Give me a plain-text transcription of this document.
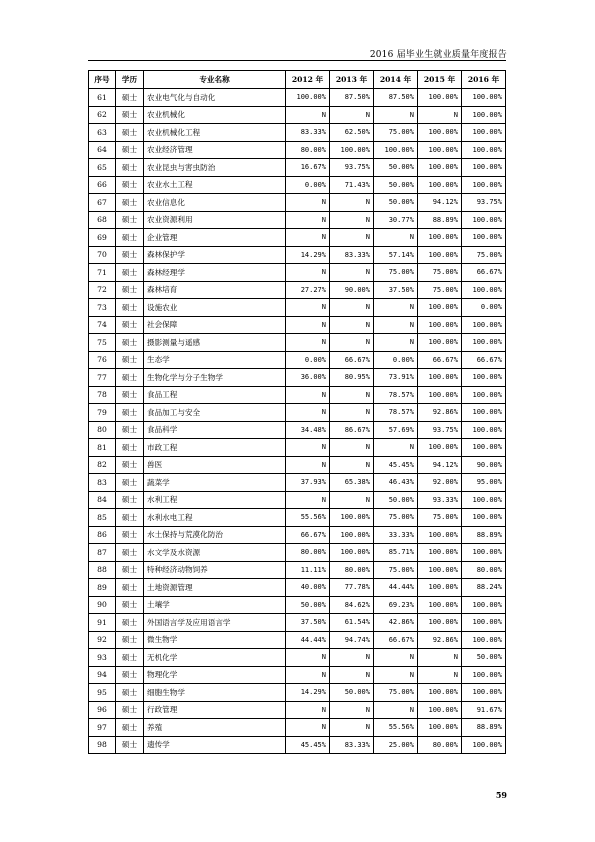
2016 届毕业生就业质量年度报告
序号	学历	专业名称	2012 年	2013 年	2014 年	2015 年	2016 年
61	硕士	农业电气化与自动化	100.00%	87.50%	87.50%	100.00%	100.00%
62	硕士	农业机械化	N	N	N	N	100.00%
63	硕士	农业机械化工程	83.33%	62.50%	75.00%	100.00%	100.00%
64	硕士	农业经济管理	80.00%	100.00%	100.00%	100.00%	100.00%
65	硕士	农业昆虫与害虫防治	16.67%	93.75%	50.00%	100.00%	100.00%
66	硕士	农业水土工程	0.00%	71.43%	50.00%	100.00%	100.00%
67	硕士	农业信息化	N	N	50.00%	94.12%	93.75%
68	硕士	农业资源利用	N	N	30.77%	88.89%	100.00%
69	硕士	企业管理	N	N	N	100.00%	100.00%
70	硕士	森林保护学	14.29%	83.33%	57.14%	100.00%	75.00%
71	硕士	森林经理学	N	N	75.00%	75.00%	66.67%
72	硕士	森林培育	27.27%	90.00%	37.50%	75.00%	100.00%
73	硕士	设施农业	N	N	N	100.00%	0.00%
74	硕士	社会保障	N	N	N	100.00%	100.00%
75	硕士	摄影测量与遥感	N	N	N	100.00%	100.00%
76	硕士	生态学	0.00%	66.67%	0.00%	66.67%	66.67%
77	硕士	生物化学与分子生物学	36.00%	80.95%	73.91%	100.00%	100.00%
78	硕士	食品工程	N	N	78.57%	100.00%	100.00%
79	硕士	食品加工与安全	N	N	78.57%	92.86%	100.00%
80	硕士	食品科学	34.48%	86.67%	57.69%	93.75%	100.00%
81	硕士	市政工程	N	N	N	100.00%	100.00%
82	硕士	兽医	N	N	45.45%	94.12%	90.00%
83	硕士	蔬菜学	37.93%	65.38%	46.43%	92.00%	95.00%
84	硕士	水利工程	N	N	50.00%	93.33%	100.00%
85	硕士	水利水电工程	55.56%	100.00%	75.00%	75.00%	100.00%
86	硕士	水土保持与荒漠化防治	66.67%	100.00%	33.33%	100.00%	88.89%
87	硕士	水文学及水资源	80.00%	100.00%	85.71%	100.00%	100.00%
88	硕士	特种经济动物饲养	11.11%	80.00%	75.00%	100.00%	80.00%
89	硕士	土地资源管理	40.00%	77.78%	44.44%	100.00%	88.24%
90	硕士	土壤学	50.00%	84.62%	69.23%	100.00%	100.00%
91	硕士	外国语言学及应用语言学	37.50%	61.54%	42.86%	100.00%	100.00%
92	硕士	微生物学	44.44%	94.74%	66.67%	92.86%	100.00%
93	硕士	无机化学	N	N	N	N	50.00%
94	硕士	物理化学	N	N	N	N	100.00%
95	硕士	细胞生物学	14.29%	50.00%	75.00%	100.00%	100.00%
96	硕士	行政管理	N	N	N	100.00%	91.67%
97	硕士	养殖	N	N	55.56%	100.00%	88.89%
98	硕士	遗传学	45.45%	83.33%	25.00%	80.00%	100.00%
59
